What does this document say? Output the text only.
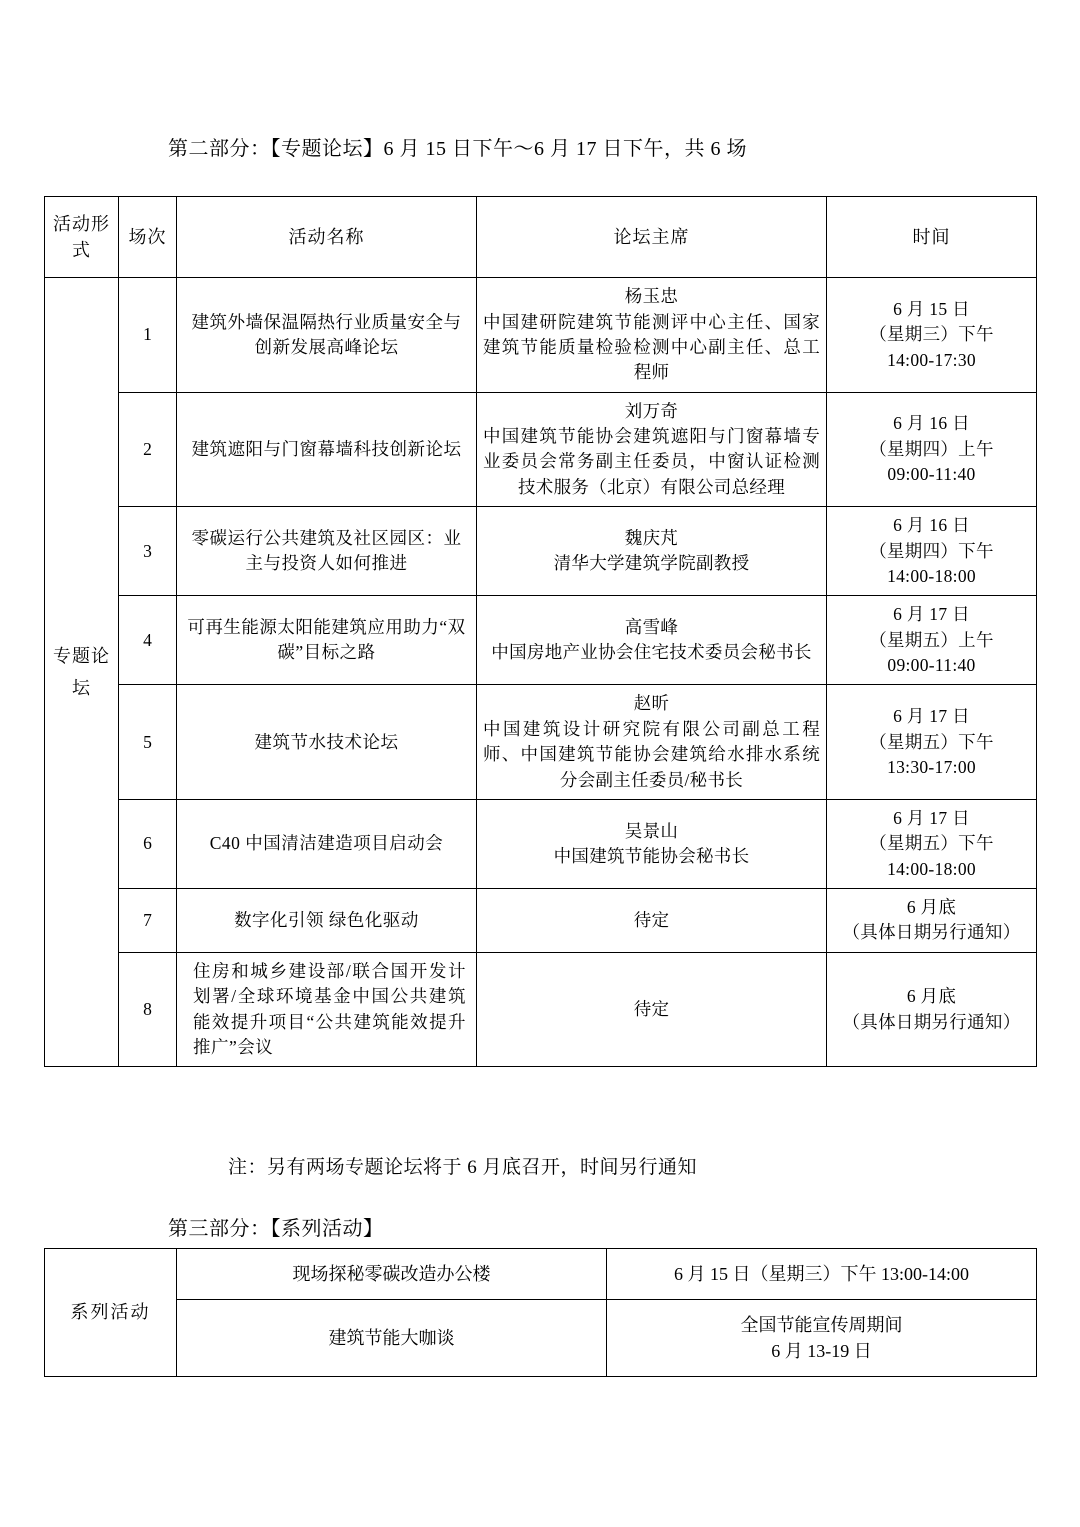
第二部分：【专题论坛】6 月 15 日下午～6 月 17 日下午，共 6 场
活动形式	场次	活动名称	论坛主席	时间

专题论坛	1	建筑外墙保温隔热行业质量安全与创新发展高峰论坛	杨玉忠
中国建研院建筑节能测评中心主任、国家建筑节能质量检验检测中心副主任、总工程师	6 月 15 日
（星期三）下午
14:00-17:30

	2	建筑遮阳与门窗幕墙科技创新论坛	刘万奇
中国建筑节能协会建筑遮阳与门窗幕墙专业委员会常务副主任委员，中窗认证检测技术服务（北京）有限公司总经理	6 月 16 日
（星期四）上午
09:00-11:40

	3	零碳运行公共建筑及社区园区：业主与投资人如何推进	魏庆芃
清华大学建筑学院副教授	6 月 16 日
（星期四）下午
14:00-18:00

	4	可再生能源太阳能建筑应用助力“双碳”目标之路	高雪峰
中国房地产业协会住宅技术委员会秘书长	6 月 17 日
（星期五）上午
09:00-11:40

	5	建筑节水技术论坛	赵昕
中国建筑设计研究院有限公司副总工程师、中国建筑节能协会建筑给水排水系统分会副主任委员/秘书长	6 月 17 日
（星期五）下午
13:30-17:00

	6	C40 中国清洁建造项目启动会	吴景山
中国建筑节能协会秘书长	6 月 17 日
（星期五）下午
14:00-18:00

	7	数字化引领 绿色化驱动	待定	6 月底
（具体日期另行通知）

	8	住房和城乡建设部/联合国开发计划署/全球环境基金中国公共建筑能效提升项目“公共建筑能效提升推广”会议	待定	6 月底
（具体日期另行通知）
注：另有两场专题论坛将于 6 月底召开，时间另行通知
第三部分：【系列活动】
系列活动	现场探秘零碳改造办公楼	6 月 15 日（星期三）下午 13:00-14:00
	建筑节能大咖谈	全国节能宣传周期间
6 月 13-19 日
